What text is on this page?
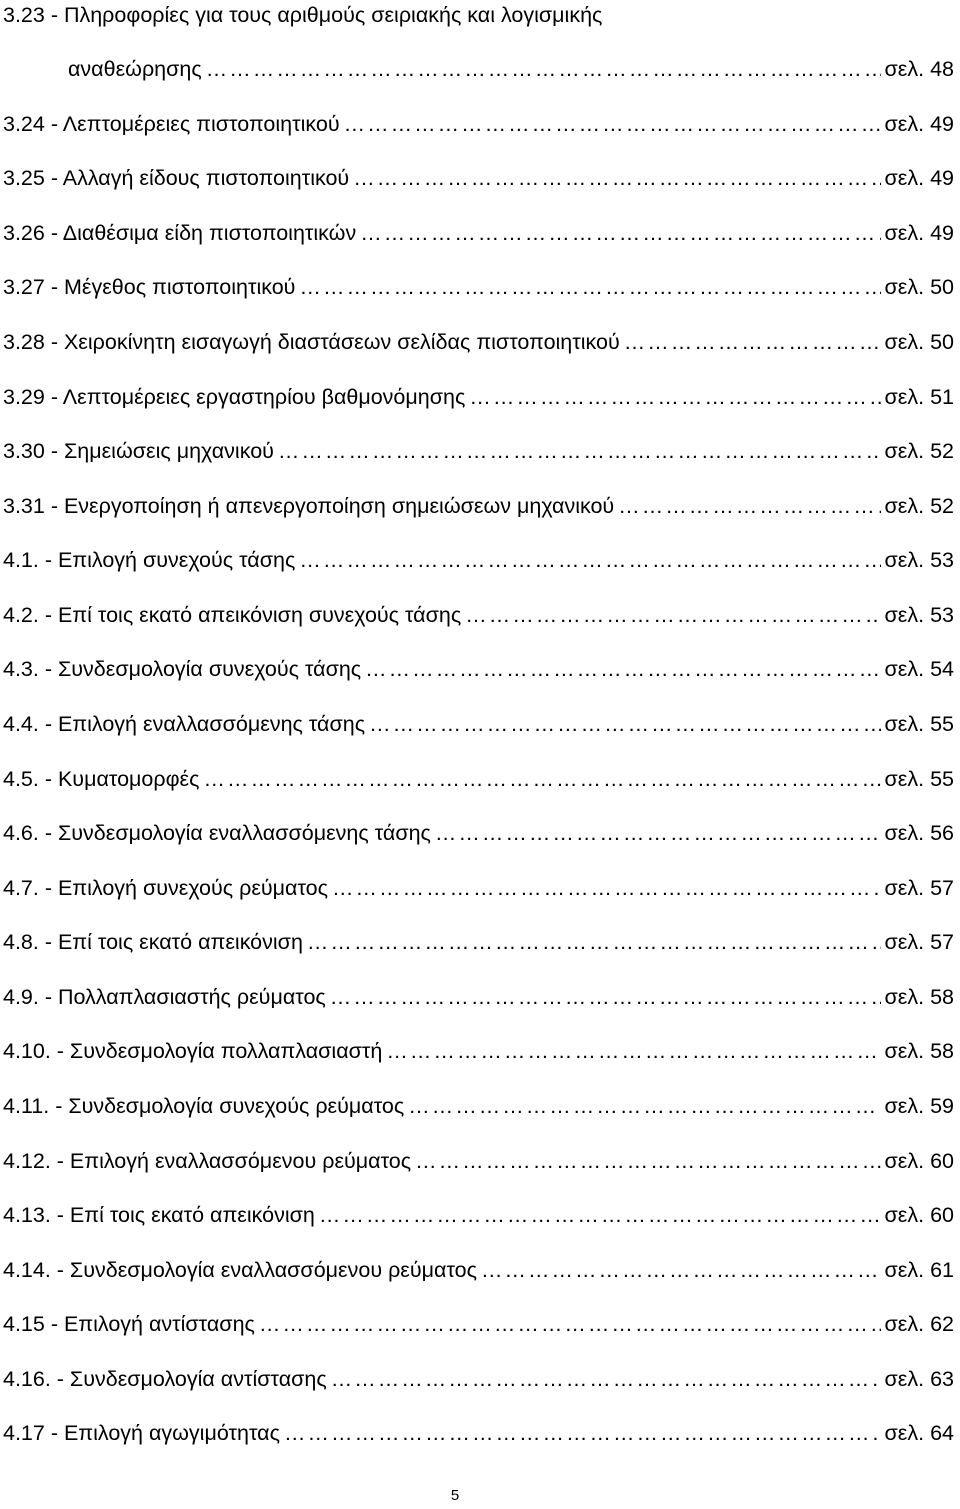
3.23 - Πληροφορίες για τους αριθμούς σειριακής και λογισμικής
αναθεώρησης ………………………………………………………………………………	σελ. 48
3.24 - Λεπτομέρειες πιστοποιητικού ………………………………………………………………………………	σελ. 49
3.25 - Αλλαγή είδους πιστοποιητικού ………………………………………………………………………………	σελ. 49
3.26 - Διαθέσιμα είδη πιστοποιητικών ………………………………………………………………………………	σελ. 49
3.27 - Μέγεθος πιστοποιητικού ………………………………………………………………………………	σελ. 50
3.28 - Χειροκίνητη εισαγωγή διαστάσεων σελίδας πιστοποιητικού ………………………………………………………………………………	σελ. 50
3.29 - Λεπτομέρειες εργαστηρίου βαθμονόμησης ………………………………………………………………………………	σελ. 51
3.30 - Σημειώσεις μηχανικού ………………………………………………………………………………	σελ. 52
3.31 - Ενεργοποίηση ή απενεργοποίηση σημειώσεων μηχανικού ………………………………………………………………………………	σελ. 52
4.1. - Επιλογή συνεχούς τάσης ………………………………………………………………………………	σελ. 53
4.2. - Επί τοις εκατό απεικόνιση συνεχούς τάσης ………………………………………………………………………………	σελ. 53
4.3. - Συνδεσμολογία συνεχούς τάσης ………………………………………………………………………………	σελ. 54
4.4. - Επιλογή εναλλασσόμενης τάσης ………………………………………………………………………………	σελ. 55
4.5. - Κυματομορφές ………………………………………………………………………………	σελ. 55
4.6. - Συνδεσμολογία εναλλασσόμενης τάσης ………………………………………………………………………………	σελ. 56
4.7. - Επιλογή συνεχούς ρεύματος ………………………………………………………………………………	σελ. 57
4.8. - Επί τοις εκατό απεικόνιση ………………………………………………………………………………	σελ. 57
4.9. - Πολλαπλασιαστής ρεύματος ………………………………………………………………………………	σελ. 58
4.10. - Συνδεσμολογία πολλαπλασιαστή ………………………………………………………………………………	σελ. 58
4.11. - Συνδεσμολογία συνεχούς ρεύματος ………………………………………………………………………………	σελ. 59
4.12. - Επιλογή εναλλασσόμενου ρεύματος ………………………………………………………………………………	σελ. 60
4.13. - Επί τοις εκατό απεικόνιση ………………………………………………………………………………	σελ. 60
4.14. - Συνδεσμολογία εναλλασσόμενου ρεύματος ………………………………………………………………………………	σελ. 61
4.15 - Επιλογή αντίστασης ………………………………………………………………………………	σελ. 62
4.16. - Συνδεσμολογία αντίστασης ………………………………………………………………………………	σελ. 63
4.17 - Επιλογή αγωγιμότητας ………………………………………………………………………………	σελ. 64
5
